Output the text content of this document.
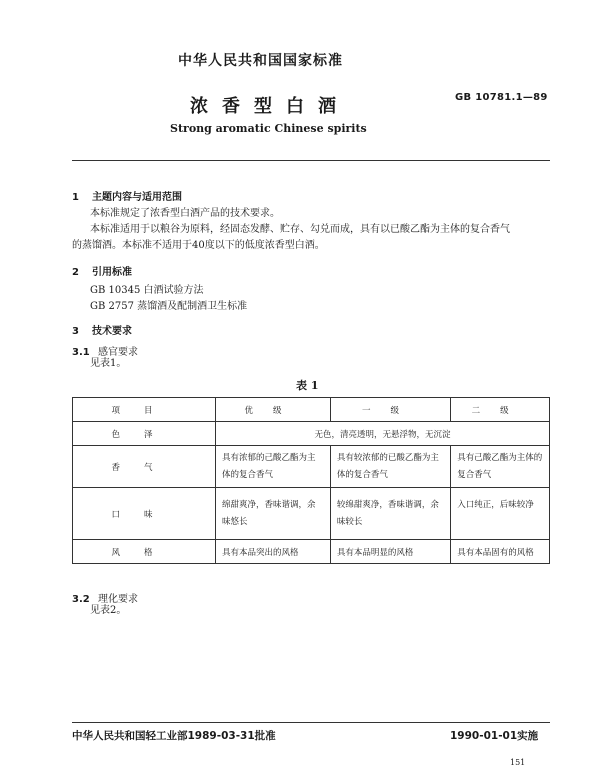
中华人民共和国国家标准
GB 10781.1—89
浓香型白酒
Strong aromatic Chinese spirits
1 主题内容与适用范围
本标准规定了浓香型白酒产品的技术要求。
本标准适用于以粮谷为原料，经固态发酵、贮存、勾兑而成，具有以已酸乙酯为主体的复合香气
的蒸馏酒。本标准不适用于40度以下的低度浓香型白酒。
2 引用标准
GB 10345 白酒试验方法
GB 2757 蒸馏酒及配制酒卫生标准
3 技术要求
3.1 感官要求
见表1。
表 1
项目	优级	一级	二级
色泽	无色，清亮透明，无悬浮物，无沉淀		
香气	具有浓郁的己酸乙酯为主体的复合香气	具有较浓郁的已酸乙酯为主体的复合香气	具有己酸乙酯为主体的复合香气
口味	绵甜爽净，香味谐调，余味悠长	较绵甜爽净，香味谐调，余味较长	入口纯正，后味较净
风格	具有本品突出的风格	具有本品明显的风格	具有本品固有的风格
3.2 理化要求
见表2。
中华人民共和国轻工业部1989-03-31批准	1990-01-01实施
151
